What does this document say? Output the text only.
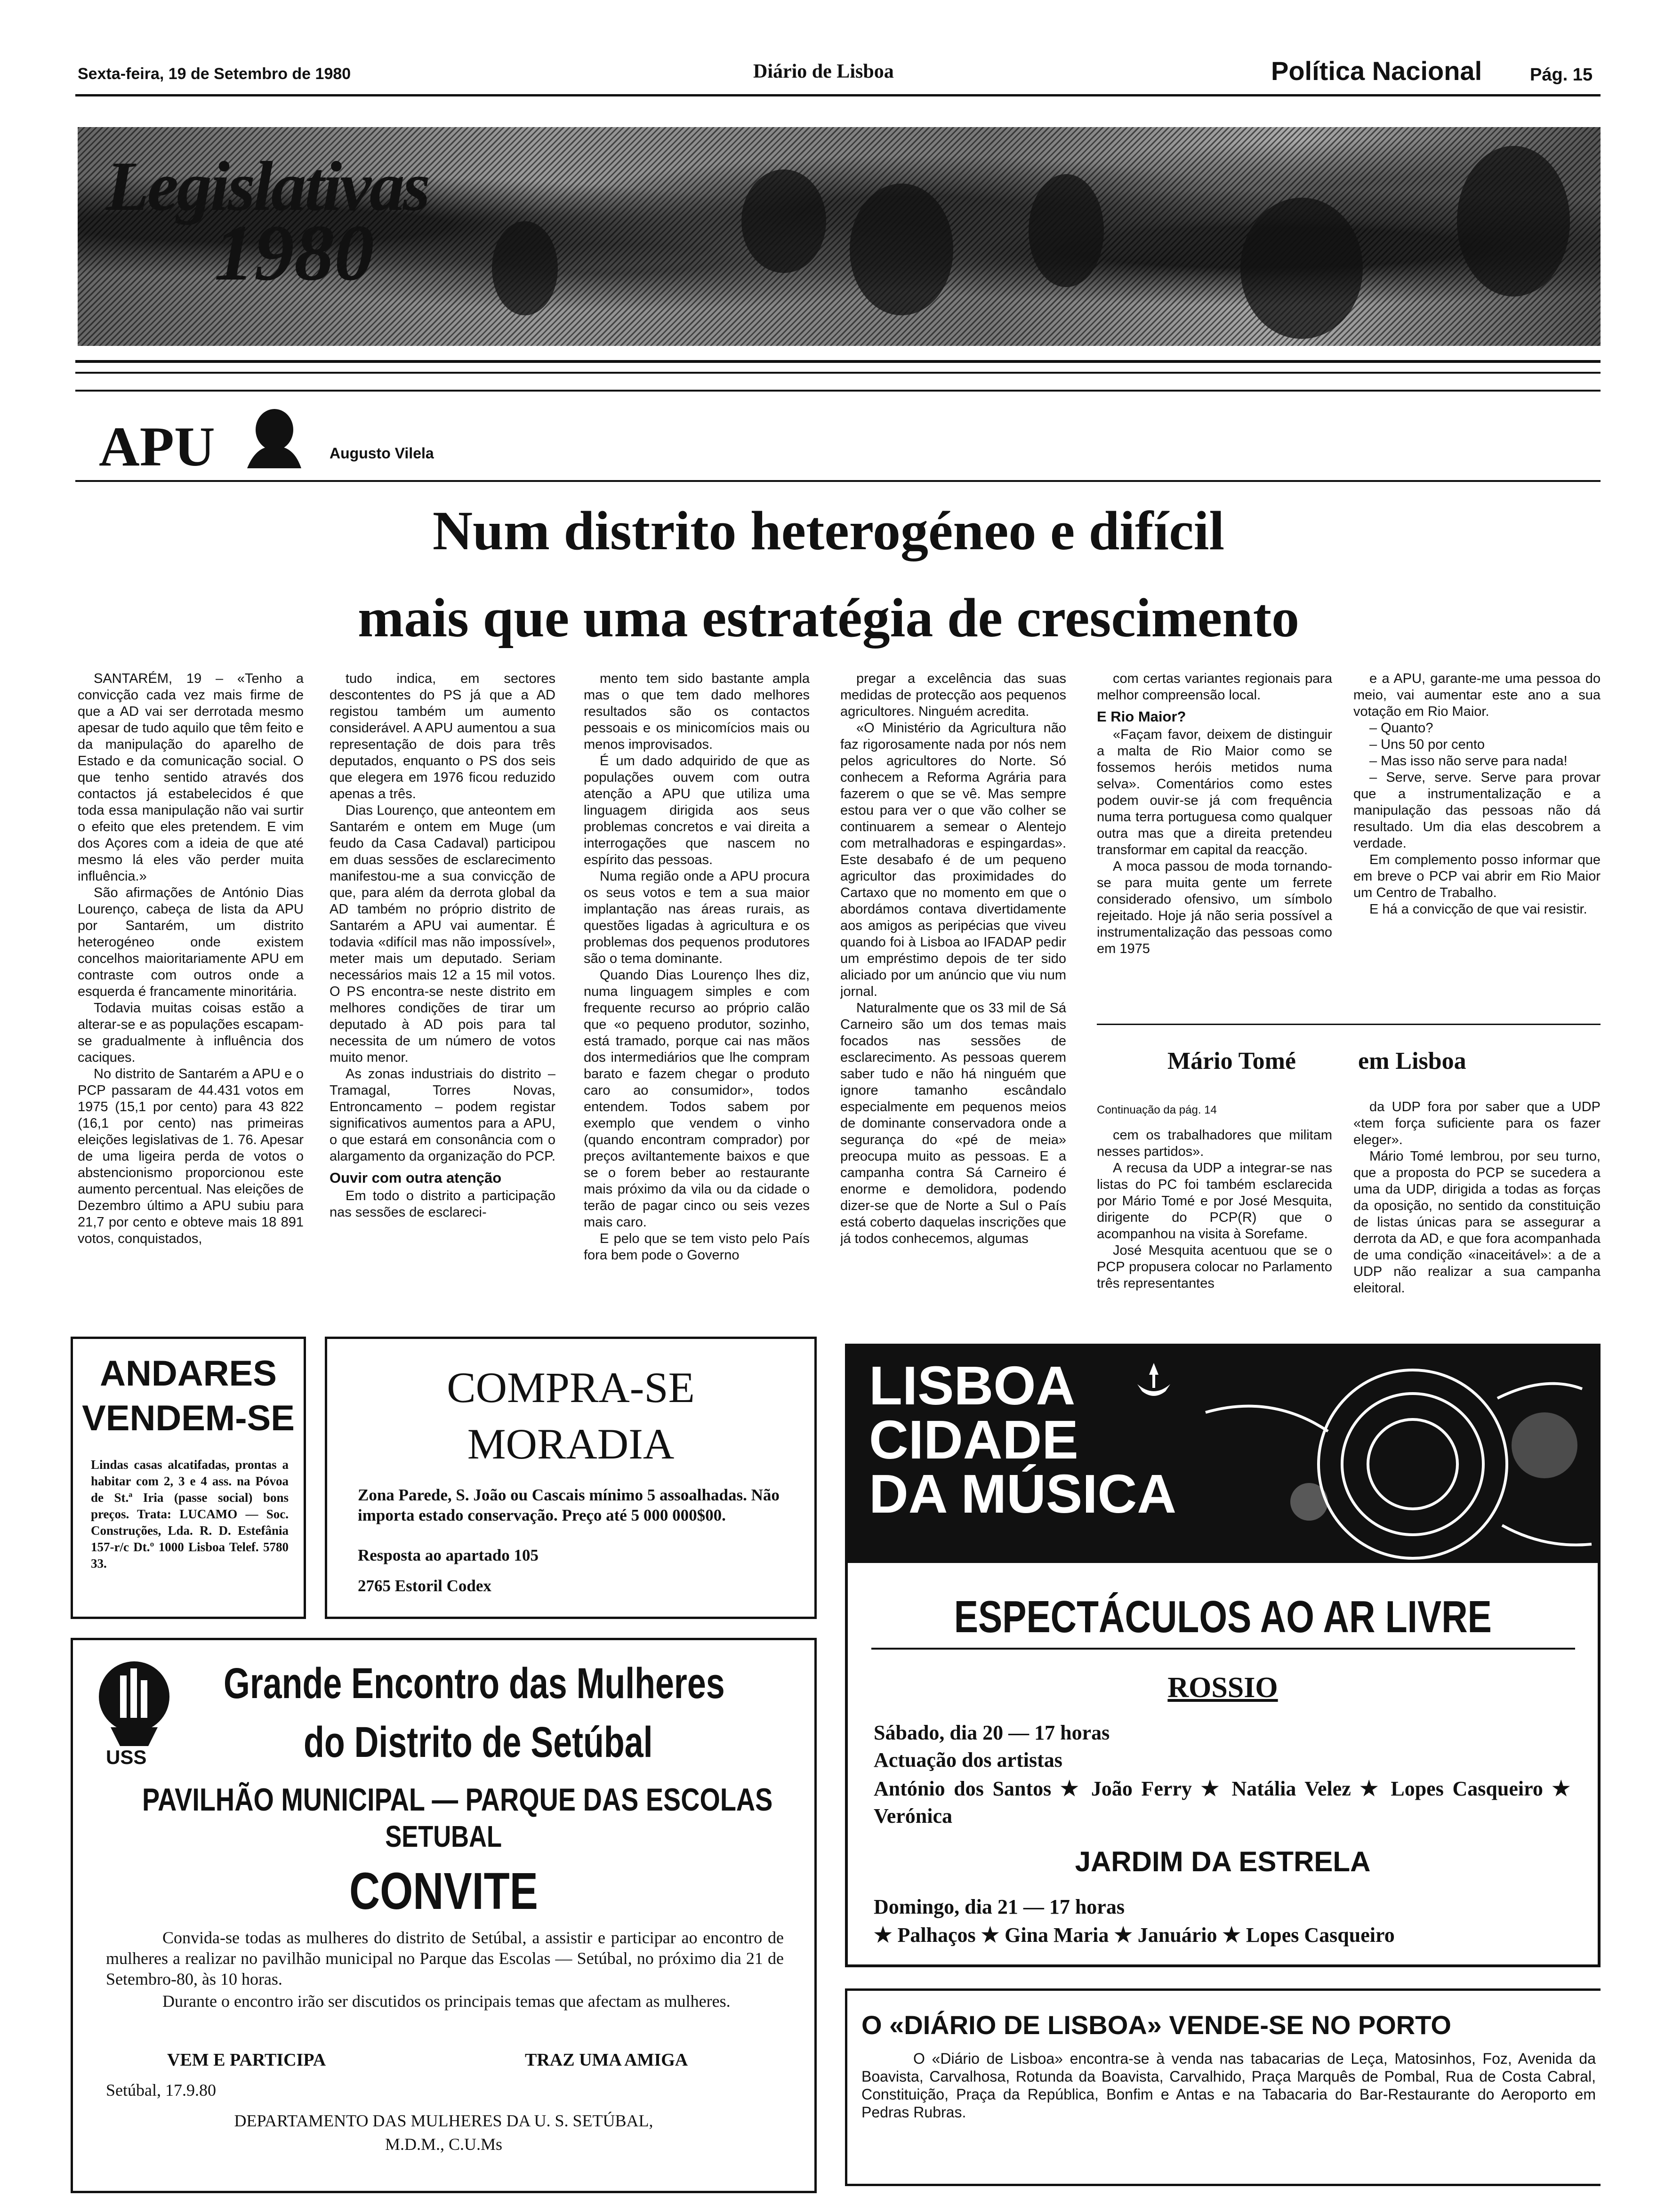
Sexta-feira, 19 de Setembro de 1980	Diário de Lisboa	Política Nacional	Pág. 15
Legislativas
1980
APU	Augusto Vilela
Num distrito heterogéneo e difícil
mais que uma estratégia de crescimento

SANTARÉM, 19 – «Tenho a convicção cada vez mais firme de que a AD vai ser derrotada mesmo apesar de tudo aquilo que têm feito e da manipulação do aparelho de Estado e da comunicação social. O que tenho sentido através dos contactos já estabelecidos é que toda essa manipulação não vai surtir o efeito que eles pretendem. E vim dos Açores com a ideia de que até mesmo lá eles vão perder muita influência.»

São afirmações de António Dias Lourenço, cabeça de lista da APU por Santarém, um distrito heterogéneo onde existem concelhos maioritariamente APU em contraste com outros onde a esquerda é francamente minoritária.

Todavia muitas coisas estão a alterar-se e as populações escapam-se gradualmente à influência dos caciques.

No distrito de Santarém a APU e o PCP passaram de 44.431 votos em 1975 (15,1 por cento) para 43 822 (16,1 por cento) nas primeiras eleições legislativas de 1. 76. Apesar de uma ligeira perda de votos o abstencionismo proporcionou este aumento percentual. Nas eleições de Dezembro último a APU subiu para 21,7 por cento e obteve mais 18 891 votos, conquistados,

tudo indica, em sectores descontentes do PS já que a AD registou também um aumento considerável. A APU aumentou a sua representação de dois para três deputados, enquanto o PS dos seis que elegera em 1976 ficou reduzido apenas a três.

Dias Lourenço, que anteontem em Santarém e ontem em Muge (um feudo da Casa Cadaval) participou em duas sessões de esclarecimento manifestou-me a sua convicção de que, para além da derrota global da AD também no próprio distrito de Santarém a APU vai aumentar. É todavia «difícil mas não impossível», meter mais um deputado. Seriam necessários mais 12 a 15 mil votos. O PS encontra-se neste distrito em melhores condições de tirar um deputado à AD pois para tal necessita de um número de votos muito menor.

As zonas industriais do distrito – Tramagal, Torres Novas, Entroncamento – podem registar significativos aumentos para a APU, o que estará em consonância com o alargamento da organização do PCP.

Ouvir com outra atenção

Em todo o distrito a participação nas sessões de esclareci-

mento tem sido bastante ampla mas o que tem dado melhores resultados são os contactos pessoais e os minicomícios mais ou menos improvisados.

É um dado adquirido de que as populações ouvem com outra atenção a APU que utiliza uma linguagem dirigida aos seus problemas concretos e vai direita a interrogações que nascem no espírito das pessoas.

Numa região onde a APU procura os seus votos e tem a sua maior implantação nas áreas rurais, as questões ligadas à agricultura e os problemas dos pequenos produtores são o tema dominante.

Quando Dias Lourenço lhes diz, numa linguagem simples e com frequente recurso ao próprio calão que «o pequeno produtor, sozinho, está tramado, porque cai nas mãos dos intermediários que lhe compram barato e fazem chegar o produto caro ao consumidor», todos entendem. Todos sabem por exemplo que vendem o vinho (quando encontram comprador) por preços aviltantemente baixos e que se o forem beber ao restaurante mais próximo da vila ou da cidade o terão de pagar cinco ou seis vezes mais caro.

E pelo que se tem visto pelo País fora bem pode o Governo

pregar a excelência das suas medidas de protecção aos pequenos agricultores. Ninguém acredita.

«O Ministério da Agricultura não faz rigorosamente nada por nós nem pelos agricultores do Norte. Só conhecem a Reforma Agrária para fazerem o que se vê. Mas sempre estou para ver o que vão colher se continuarem a semear o Alentejo com metralhadoras e espingardas». Este desabafo é de um pequeno agricultor das proximidades do Cartaxo que no momento em que o abordámos contava divertidamente aos amigos as peripécias que viveu quando foi à Lisboa ao IFADAP pedir um empréstimo depois de ter sido aliciado por um anúncio que viu num jornal.

Naturalmente que os 33 mil de Sá Carneiro são um dos temas mais focados nas sessões de esclarecimento. As pessoas querem saber tudo e não há ninguém que ignore tamanho escândalo especialmente em pequenos meios de dominante conservadora onde a segurança do «pé de meia» preocupa muito as pessoas. E a campanha contra Sá Carneiro é enorme e demolidora, podendo dizer-se que de Norte a Sul o País está coberto daquelas inscrições que já todos conhecemos, algumas

com certas variantes regionais para melhor compreensão local.

E Rio Maior?

«Façam favor, deixem de distinguir a malta de Rio Maior como se fossemos heróis metidos numa selva». Comentários como estes podem ouvir-se já com frequência numa terra portuguesa como qualquer outra mas que a direita pretendeu transformar em capital da reacção.

A moca passou de moda tornando-se para muita gente um ferrete considerado ofensivo, um símbolo rejeitado. Hoje já não seria possível a instrumentalização das pessoas como em 1975

e a APU, garante-me uma pessoa do meio, vai aumentar este ano a sua votação em Rio Maior.

– Quanto?

– Uns 50 por cento

– Mas isso não serve para nada!

– Serve, serve. Serve para provar que a instrumentalização e a manipulação das pessoas não dá resultado. Um dia elas descobrem a verdade.

Em complemento posso informar que em breve o PCP vai abrir em Rio Maior um Centro de Trabalho.

E há a convicção de que vai resistir.

Mário Tomé	em Lisboa
Continuação da pág. 14

cem os trabalhadores que militam nesses partidos».

A recusa da UDP a integrar-se nas listas do PC foi também esclarecida por Mário Tomé e por José Mesquita, dirigente do PCP(R) que o acompanhou na visita à Sorefame.

José Mesquita acentuou que se o PCP propusera colocar no Parlamento três representantes

da UDP fora por saber que a UDP «tem força suficiente para os fazer eleger».

Mário Tomé lembrou, por seu turno, que a proposta do PCP se sucedera a uma da UDP, dirigida a todas as forças da oposição, no sentido da constituição de listas únicas para se assegurar a derrota da AD, e que fora acompanhada de uma condição «inaceitável»: a de a UDP não realizar a sua campanha eleitoral.

ANDARES
VENDEM-SE
Lindas casas alcatifadas, prontas a habitar com 2, 3 e 4 ass. na Póvoa de St.ª Iria (passe social) bons preços. Trata: LUCAMO — Soc. Construções, Lda. R. D. Estefânia 157-r/c Dt.º 1000 Lisboa Telef. 5780 33.
COMPRA-SE
MORADIA
Zona Parede, S. João ou Cascais mínimo 5 assoalhadas. Não importa estado conservação. Preço até 5 000 000$00.
Resposta ao apartado 105
2765 Estoril Codex
LISBOA
CIDADE
DA MÚSICA
ESPECTÁCULOS AO AR LIVRE
ROSSIO
Sábado, dia 20 — 17 horas
Actuação dos artistas
António dos Santos ★ João Ferry ★ Natália Velez ★ Lopes Casqueiro ★ Verónica
JARDIM DA ESTRELA
Domingo, dia 21 — 17 horas
★ Palhaços ★ Gina Maria ★ Januário ★ Lopes Casqueiro
USS
Grande Encontro das Mulheres
do Distrito de Setúbal
PAVILHÃO MUNICIPAL — PARQUE DAS ESCOLAS
SETUBAL
CONVITE
Convida-se todas as mulheres do distrito de Setúbal, a assistir e participar ao encontro de mulheres a realizar no pavilhão municipal no Parque das Escolas — Setúbal, no próximo dia 21 de Setembro-80, às 10 horas.
Durante o encontro irão ser discutidos os principais temas que afectam as mulheres.
VEM E PARTICIPA	TRAZ UMA AMIGA
Setúbal, 17.9.80
DEPARTAMENTO DAS MULHERES DA U. S. SETÚBAL,
M.D.M., C.U.Ms
O «DIÁRIO DE LISBOA» VENDE-SE NO PORTO
O «Diário de Lisboa» encontra-se à venda nas tabacarias de Leça, Matosinhos, Foz, Avenida da Boavista, Carvalhosa, Rotunda da Boavista, Carvalhido, Praça Marquês de Pombal, Rua de Costa Cabral, Constituição, Praça da República, Bonfim e Antas e na Tabacaria do Bar-Restaurante do Aeroporto em Pedras Rubras.
